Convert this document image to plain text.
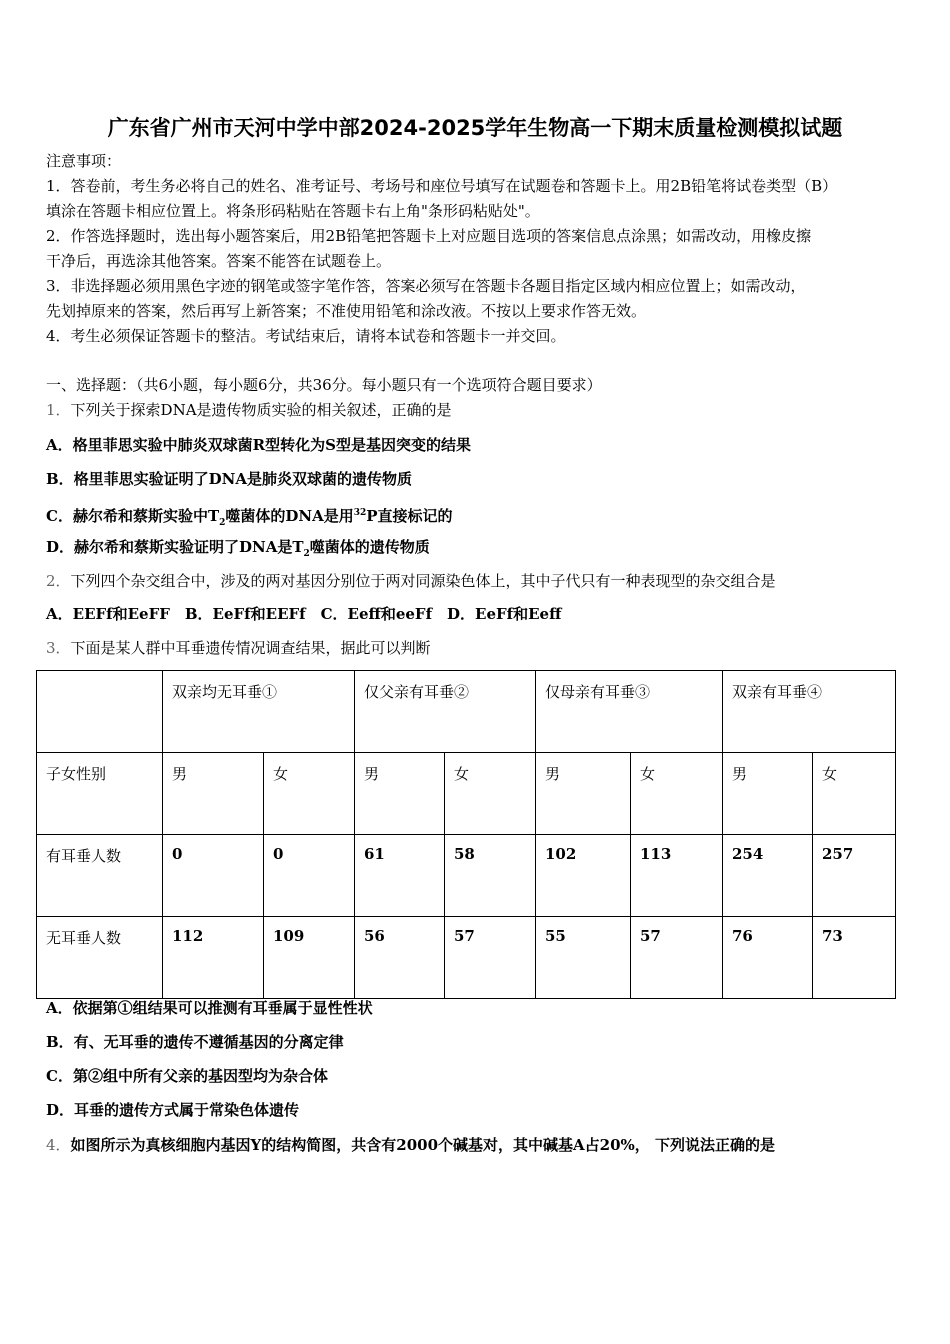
广东省广州市天河中学中部2024-2025学年生物高一下期末质量检测模拟试题
注意事项：
1．答卷前，考生务必将自己的姓名、准考证号、考场号和座位号填写在试题卷和答题卡上。用2B铅笔将试卷类型（B）
填涂在答题卡相应位置上。将条形码粘贴在答题卡右上角"条形码粘贴处"。
2．作答选择题时，选出每小题答案后，用2B铅笔把答题卡上对应题目选项的答案信息点涂黑；如需改动，用橡皮擦
干净后，再选涂其他答案。答案不能答在试题卷上。
3．非选择题必须用黑色字迹的钢笔或签字笔作答，答案必须写在答题卡各题目指定区域内相应位置上；如需改动，
先划掉原来的答案，然后再写上新答案；不准使用铅笔和涂改液。不按以上要求作答无效。
4．考生必须保证答题卡的整洁。考试结束后，请将本试卷和答题卡一并交回。
一、选择题：（共6小题，每小题6分，共36分。每小题只有一个选项符合题目要求）
1．下列关于探索DNA是遗传物质实验的相关叙述，正确的是
A．格里菲思实验中肺炎双球菌R型转化为S型是基因突变的结果
B．格里菲思实验证明了DNA是肺炎双球菌的遗传物质
C．赫尔希和蔡斯实验中$T_2$噬菌体的DNA是用$^{32}$P直接标记的
D．赫尔希和蔡斯实验证明了DNA是$T_2$噬菌体的遗传物质
2．下列四个杂交组合中，涉及的两对基因分别位于两对同源染色体上，其中子代只有一种表现型的杂交组合是
A．EEFf和EeFF　B．EeFf和EEFf　C．Eeff和eeFf　D．EeFf和Eeff
3．下面是某人群中耳垂遗传情况调查结果，据此可以判断
	双亲均无耳垂①		仅父亲有耳垂②		仅母亲有耳垂③		双亲有耳垂④	
子女性别	男	女	男	女	男	女	男	女
有耳垂人数	0	0	61	58	102	113	254	257
无耳垂人数	112	109	56	57	55	57	76	73
A．依据第①组结果可以推测有耳垂属于显性性状
B．有、无耳垂的遗传不遵循基因的分离定律
C．第②组中所有父亲的基因型均为杂合体
D．耳垂的遗传方式属于常染色体遗传
4．如图所示为真核细胞内基因Y的结构简图，共含有2000个碱基对，其中碱基A占20%， 下列说法正确的是
